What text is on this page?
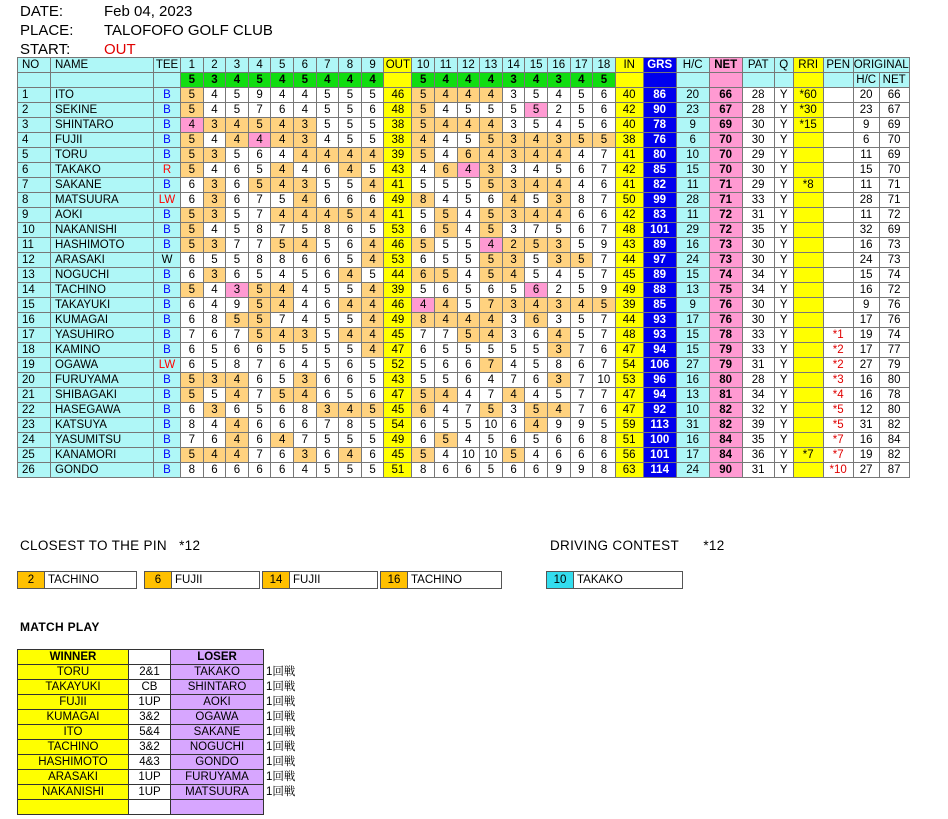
DATE:	Feb 04, 2023
PLACE: TALOFOFO GOLF CLUB
START: OUT
NO	NAME	TEE	1	2	3	4	5	6	7	8	9	OUT	10	11	12	13	14	15	16	17	18	IN	GRS	H/C	NET	PAT	Q	RRI	PEN	ORIGINAL	
			5	3	4	5	4	5	4	4	4		5	4	4	4	3	4	3	4	5									H/C	NET
1	ITO	B	5	4	5	9	4	4	5	5	5	46	5	4	4	4	3	5	4	5	6	40	86	20	66	28	Y	*60		20	66
2	SEKINE	B	5	4	5	7	6	4	5	5	6	48	5	4	5	5	5	5	2	5	6	42	90	23	67	28	Y	*30		23	67
3	SHINTARO	B	4	3	4	5	4	3	5	5	5	38	5	4	4	4	3	5	4	5	6	40	78	9	69	30	Y	*15		9	69
4	FUJII	B	5	4	4	4	4	3	4	5	5	38	4	4	5	5	3	4	3	5	5	38	76	6	70	30	Y			6	70
5	TORU	B	5	3	5	6	4	4	4	4	4	39	5	4	6	4	3	4	4	4	7	41	80	10	70	29	Y			11	69
6	TAKAKO	R	5	4	6	5	4	4	6	4	5	43	4	6	4	3	3	4	5	6	7	42	85	15	70	30	Y			15	70
7	SAKANE	B	6	3	6	5	4	3	5	5	4	41	5	5	5	5	3	4	4	4	6	41	82	11	71	29	Y	*8		11	71
8	MATSUURA	LW	6	3	6	7	5	4	6	6	6	49	8	4	5	6	4	5	3	8	7	50	99	28	71	33	Y			28	71
9	AOKI	B	5	3	5	7	4	4	4	5	4	41	5	5	4	5	3	4	4	6	6	42	83	11	72	31	Y			11	72
10	NAKANISHI	B	5	4	5	8	7	5	8	6	5	53	6	5	4	5	3	7	5	6	7	48	101	29	72	35	Y			32	69
11	HASHIMOTO	B	5	3	7	7	5	4	5	6	4	46	5	5	5	4	2	5	3	5	9	43	89	16	73	30	Y			16	73
12	ARASAKI	W	6	5	5	8	8	6	6	5	4	53	6	5	5	5	3	5	3	5	7	44	97	24	73	30	Y			24	73
13	NOGUCHI	B	6	3	6	5	4	5	6	4	5	44	6	5	4	5	4	5	4	5	7	45	89	15	74	34	Y			15	74
14	TACHINO	B	5	4	3	5	4	4	5	5	4	39	5	6	5	6	5	6	2	5	9	49	88	13	75	34	Y			16	72
15	TAKAYUKI	B	6	4	9	5	4	4	6	4	4	46	4	4	5	7	3	4	3	4	5	39	85	9	76	30	Y			9	76
16	KUMAGAI	B	6	8	5	5	7	4	5	5	4	49	8	4	4	4	3	6	3	5	7	44	93	17	76	30	Y			17	76
17	YASUHIRO	B	7	6	7	5	4	3	5	4	4	45	7	7	5	4	3	6	4	5	7	48	93	15	78	33	Y		*1	19	74
18	KAMINO	B	6	5	6	6	5	5	5	5	4	47	6	5	5	5	5	5	3	7	6	47	94	15	79	33	Y		*2	17	77
19	OGAWA	LW	6	5	8	7	6	4	5	6	5	52	5	6	6	7	4	5	8	6	7	54	106	27	79	31	Y		*2	27	79
20	FURUYAMA	B	5	3	4	6	5	3	6	6	5	43	5	5	6	4	7	6	3	7	10	53	96	16	80	28	Y		*3	16	80
21	SHIBAGAKI	B	5	5	4	7	5	4	6	5	6	47	5	4	4	7	4	4	5	7	7	47	94	13	81	34	Y		*4	16	78
22	HASEGAWA	B	6	3	6	5	6	8	3	4	5	45	6	4	7	5	3	5	4	7	6	47	92	10	82	32	Y		*5	12	80
23	KATSUYA	B	8	4	4	6	6	6	7	8	5	54	6	5	5	10	6	4	9	9	5	59	113	31	82	39	Y		*5	31	82
24	YASUMITSU	B	7	6	4	6	4	7	5	5	5	49	6	5	4	5	6	5	6	6	8	51	100	16	84	35	Y		*7	16	84
25	KANAMORI	B	5	4	4	7	6	3	6	4	6	45	5	4	10	10	5	4	6	6	6	56	101	17	84	36	Y	*7	*7	19	82
26	GONDO	B	8	6	6	6	6	4	5	5	5	51	8	6	6	5	6	6	9	9	8	63	114	24	90	31	Y		*10	27	87
CLOSEST TO THE PIN *12	DRIVING CONTEST *12
2	TACHINO	6	FUJII	14 FUJII	16 TACHINO	10 TAKAKO
MATCH PLAY
WINNER		LOSER	
TORU	2&1	TAKAKO	1回戦
TAKAYUKI	CB	SHINTARO	1回戦
FUJII	1UP	AOKI	1回戦
KUMAGAI	3&2	OGAWA	1回戦
ITO	5&4	SAKANE	1回戦
TACHINO	3&2	NOGUCHI	1回戦
HASHIMOTO	4&3	GONDO	1回戦
ARASAKI	1UP	FURUYAMA	1回戦
NAKANISHI	1UP	MATSUURA	1回戦
